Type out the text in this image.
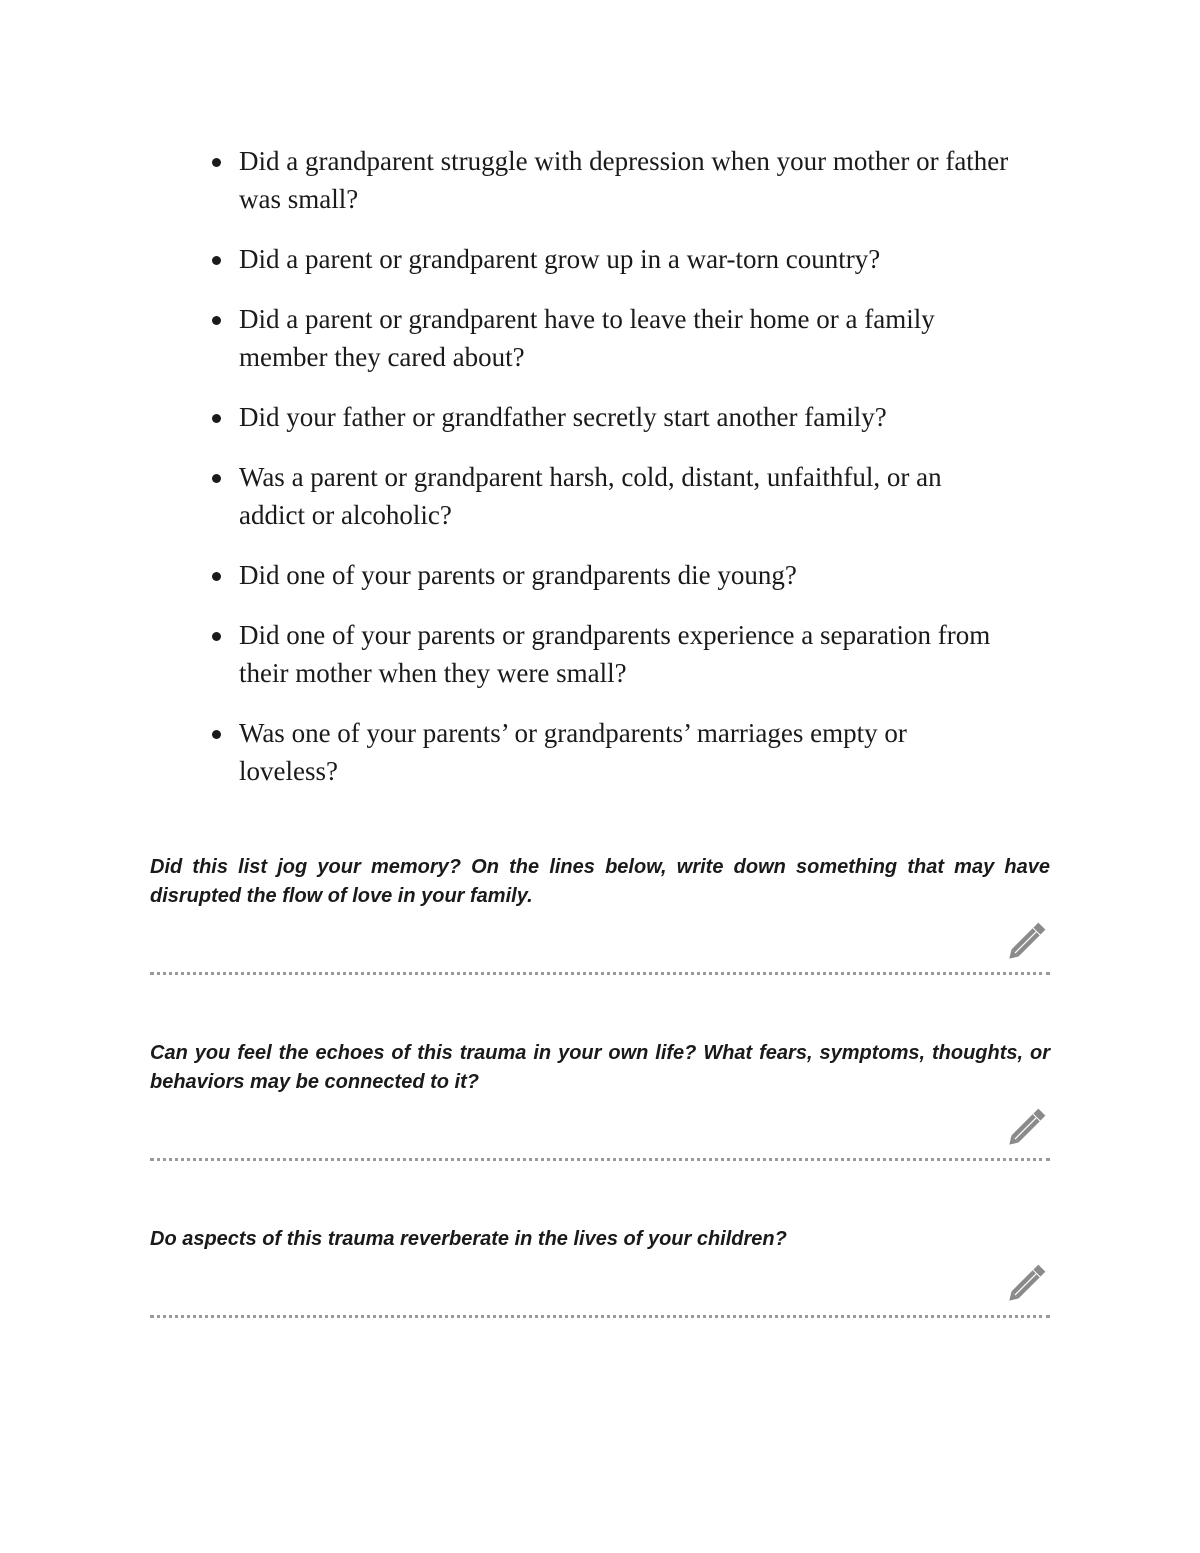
Did a grandparent struggle with depression when your mother or father was small?
Did a parent or grandparent grow up in a war-torn country?
Did a parent or grandparent have to leave their home or a family member they cared about?
Did your father or grandfather secretly start another family?
Was a parent or grandparent harsh, cold, distant, unfaithful, or an addict or alcoholic?
Did one of your parents or grandparents die young?
Did one of your parents or grandparents experience a separation from their mother when they were small?
Was one of your parents’ or grandparents’ marriages empty or loveless?
Did this list jog your memory? On the lines below, write down something that may have disrupted the flow of love in your family.
Can you feel the echoes of this trauma in your own life? What fears, symptoms, thoughts, or behaviors may be connected to it?
Do aspects of this trauma reverberate in the lives of your children?
